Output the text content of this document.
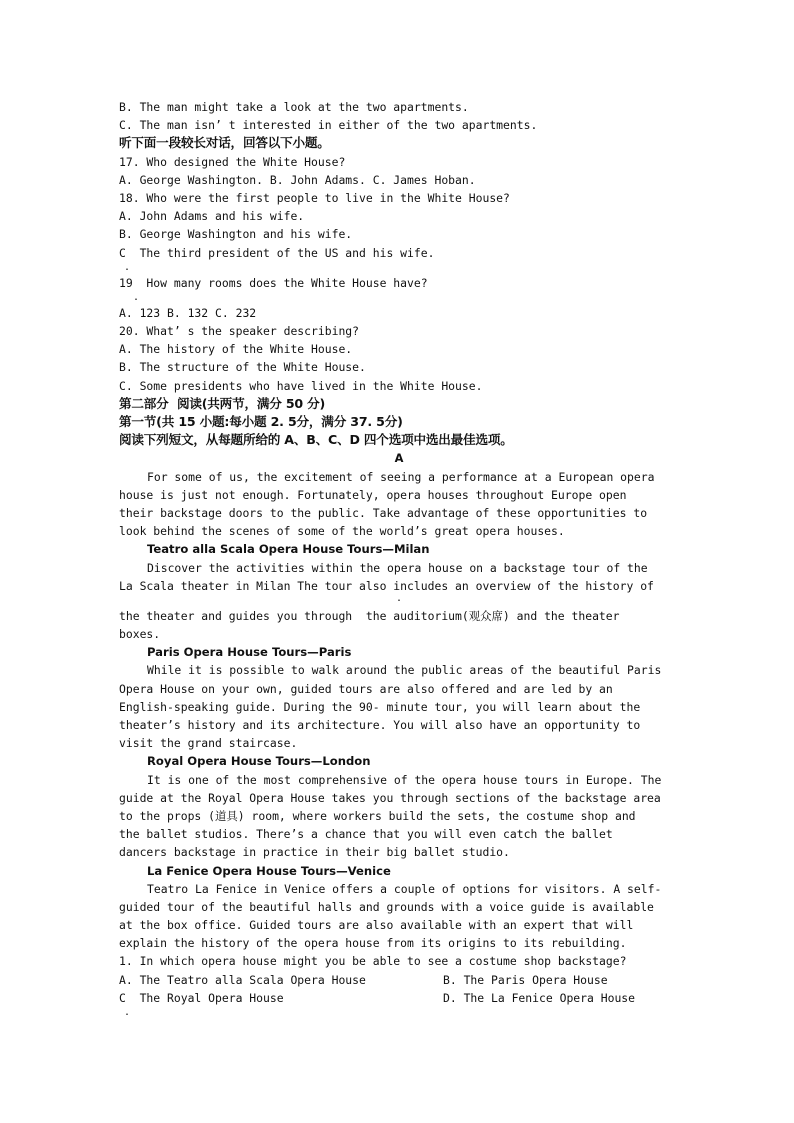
B. The man might take a look at the two apartments.
C. The man isn’ t interested in either of the two apartments.
听下面一段较长对话，回答以下小题。
17. Who designed the White House?
A. George Washington. B. John Adams. C. James Hoban.
18. Who were the first people to live in the White House?
A. John Adams and his wife.
B. George Washington and his wife.
C  The third president of the US and his wife.
.
19  How many rooms does the White House have?
.
A. 123 B. 132 C. 232
20. What’ s the speaker describing?
A. The history of the White House.
B. The structure of the White House.
C. Some presidents who have lived in the White House.
第二部分  阅读(共两节，满分 50 分)
第一节(共 15 小题:每小题 2. 5分，满分 37. 5分)
阅读下列短文，从每题所给的 A、B、C、D 四个选项中选出最佳选项。
A
For some of us, the excitement of seeing a performance at a European opera
house is just not enough. Fortunately, opera houses throughout Europe open
their backstage doors to the public. Take advantage of these opportunities to
look behind the scenes of some of the world’s great opera houses.
Teatro alla Scala Opera House Tours—Milan
Discover the activities within the opera house on a backstage tour of the
La Scala theater in Milan The tour also includes an overview of the history of
.
the theater and guides you through  the auditorium(观众席) and the theater
boxes.
Paris Opera House Tours—Paris
While it is possible to walk around the public areas of the beautiful Paris
Opera House on your own, guided tours are also offered and are led by an
English-speaking guide. During the 90- minute tour, you will learn about the
theater’s history and its architecture. You will also have an opportunity to
visit the grand staircase.
Royal Opera House Tours—London
It is one of the most comprehensive of the opera house tours in Europe. The
guide at the Royal Opera House takes you through sections of the backstage area
to the props (道具) room, where workers build the sets, the costume shop and
the ballet studios. There’s a chance that you will even catch the ballet
dancers backstage in practice in their big ballet studio.
La Fenice Opera House Tours—Venice
Teatro La Fenice in Venice offers a couple of options for visitors. A self-
guided tour of the beautiful halls and grounds with a voice guide is available
at the box office. Guided tours are also available with an expert that will
explain the history of the opera house from its origins to its rebuilding.
1. In which opera house might you be able to see a costume shop backstage?
A. The Teatro alla Scala Opera House	B. The Paris Opera House
C  The Royal Opera House	D. The La Fenice Opera House
.
